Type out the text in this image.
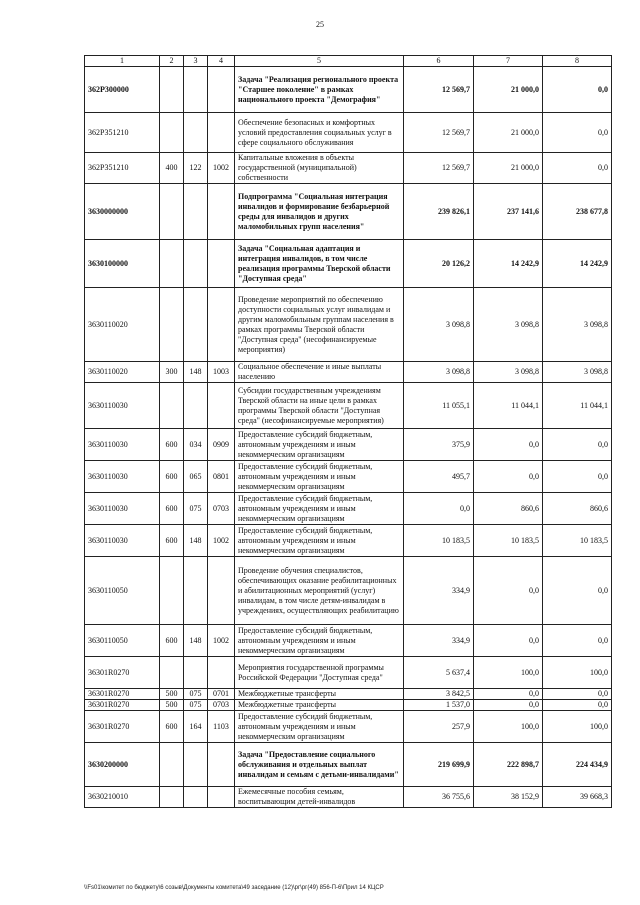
25
1	2	3	4	5	6	7	8
362P300000				Задача "Реализация регионального проекта "Старшее поколение" в рамках национального проекта "Демография"	12 569,7	21 000,0	0,0
362P351210				Обеспечение безопасных и комфортных условий предоставления социальных услуг в сфере социального обслуживания	12 569,7	21 000,0	0,0
362P351210	400	122	1002	Капитальные вложения в объекты государственной (муниципальной) собственности	12 569,7	21 000,0	0,0
3630000000				Подпрограмма "Социальная интеграция инвалидов и формирование безбарьерной среды для инвалидов и других маломобильных групп населения"	239 826,1	237 141,6	238 677,8
3630100000				Задача "Социальная адаптация и интеграция инвалидов, в том числе реализация программы Тверской области "Доступная среда"	20 126,2	14 242,9	14 242,9
3630110020				Проведение мероприятий по обеспечению доступности социальных услуг инвалидам и другим маломобильным группам населения в рамках программы Тверской области "Доступная среда" (несофинансируемые мероприятия)	3 098,8	3 098,8	3 098,8
3630110020	300	148	1003	Социальное обеспечение и иные выплаты населению	3 098,8	3 098,8	3 098,8
3630110030				Субсидии государственным учреждениям Тверской области на иные цели в рамках программы Тверской области "Доступная среда" (несофинансируемые мероприятия)	11 055,1	11 044,1	11 044,1
3630110030	600	034	0909	Предоставление субсидий бюджетным, автономным учреждениям и иным некоммерческим организациям	375,9	0,0	0,0
3630110030	600	065	0801	Предоставление субсидий бюджетным, автономным учреждениям и иным некоммерческим организациям	495,7	0,0	0,0
3630110030	600	075	0703	Предоставление субсидий бюджетным, автономным учреждениям и иным некоммерческим организациям	0,0	860,6	860,6
3630110030	600	148	1002	Предоставление субсидий бюджетным, автономным учреждениям и иным некоммерческим организациям	10 183,5	10 183,5	10 183,5
3630110050				Проведение обучения специалистов, обеспечивающих оказание реабилитационных и абилитационных мероприятий (услуг) инвалидам, в том числе детям-инвалидам в учреждениях, осуществляющих реабилитацию	334,9	0,0	0,0
3630110050	600	148	1002	Предоставление субсидий бюджетным, автономным учреждениям и иным некоммерческим организациям	334,9	0,0	0,0
36301R0270				Мероприятия государственной программы Российской Федерации "Доступная среда"	5 637,4	100,0	100,0
36301R0270	500	075	0701	Межбюджетные трансферты	3 842,5	0,0	0,0
36301R0270	500	075	0703	Межбюджетные трансферты	1 537,0	0,0	0,0
36301R0270	600	164	1103	Предоставление субсидий бюджетным, автономным учреждениям и иным некоммерческим организациям	257,9	100,0	100,0
3630200000				Задача "Предоставление социального обслуживания и отдельных выплат инвалидам и семьям с детьми-инвалидами"	219 699,9	222 898,7	224 434,9
3630210010				Ежемесячные пособия семьям, воспитывающим детей-инвалидов	36 755,6	38 152,9	39 668,3
\\Fs01\комитет по бюджету\6 созыв\Документы комитета\49 заседание (12)\рг\рг(49) 856-П-6\Прил 14 КЦСР
